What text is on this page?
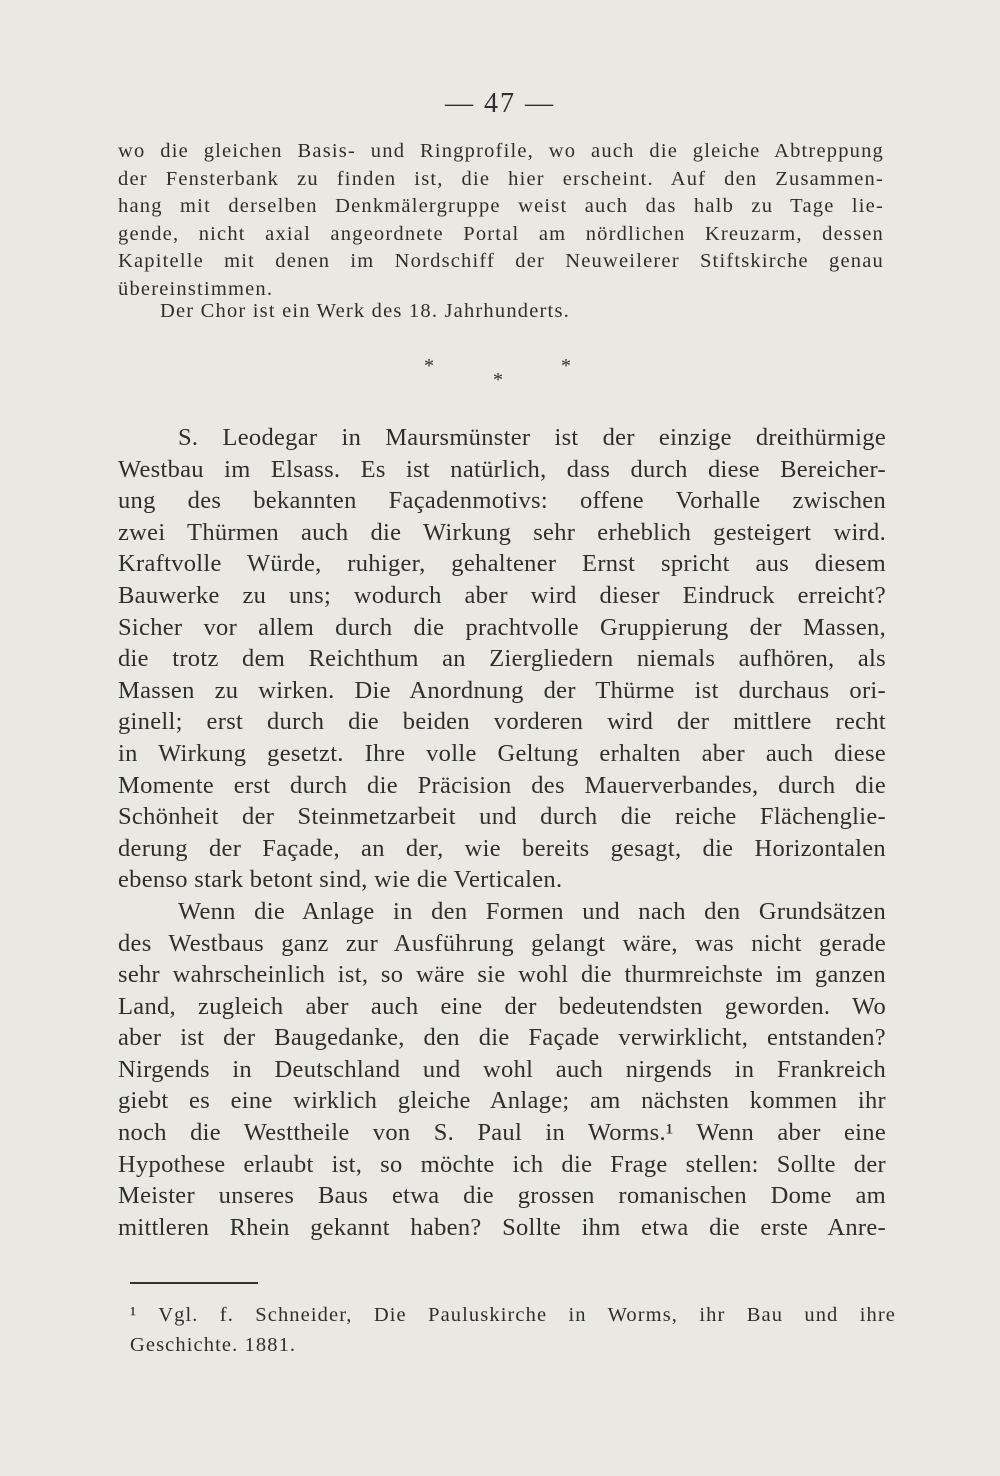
— 47 —
wo die gleichen Basis- und Ringprofile, wo auch die gleiche Abtreppung
der Fensterbank zu finden ist, die hier erscheint. Auf den Zusammen-
hang mit derselben Denkmälergruppe weist auch das halb zu Tage lie-
gende, nicht axial angeordnete Portal am nördlichen Kreuzarm, dessen
Kapitelle mit denen im Nordschiff der Neuweilerer Stiftskirche genau
übereinstimmen.
Der Chor ist ein Werk des 18. Jahrhunderts.
*
*
*
S. Leodegar in Maursmünster ist der einzige dreithürmige
Westbau im Elsass. Es ist natürlich, dass durch diese Bereicher-
ung des bekannten Façadenmotivs: offene Vorhalle zwischen
zwei Thürmen auch die Wirkung sehr erheblich gesteigert wird.
Kraftvolle Würde, ruhiger, gehaltener Ernst spricht aus diesem
Bauwerke zu uns; wodurch aber wird dieser Eindruck erreicht?
Sicher vor allem durch die prachtvolle Gruppierung der Massen,
die trotz dem Reichthum an Ziergliedern niemals aufhören, als
Massen zu wirken. Die Anordnung der Thürme ist durchaus ori-
ginell; erst durch die beiden vorderen wird der mittlere recht
in Wirkung gesetzt. Ihre volle Geltung erhalten aber auch diese
Momente erst durch die Präcision des Mauerverbandes, durch die
Schönheit der Steinmetzarbeit und durch die reiche Flächenglie-
derung der Façade, an der, wie bereits gesagt, die Horizontalen
ebenso stark betont sind, wie die Verticalen.
Wenn die Anlage in den Formen und nach den Grundsätzen
des Westbaus ganz zur Ausführung gelangt wäre, was nicht gerade
sehr wahrscheinlich ist, so wäre sie wohl die thurmreichste im ganzen
Land, zugleich aber auch eine der bedeutendsten geworden. Wo
aber ist der Baugedanke, den die Façade verwirklicht, entstanden?
Nirgends in Deutschland und wohl auch nirgends in Frankreich
giebt es eine wirklich gleiche Anlage; am nächsten kommen ihr
noch die Westtheile von S. Paul in Worms.¹ Wenn aber eine
Hypothese erlaubt ist, so möchte ich die Frage stellen: Sollte der
Meister unseres Baus etwa die grossen romanischen Dome am
mittleren Rhein gekannt haben? Sollte ihm etwa die erste Anre-
¹ Vgl. f. Schneider, Die Pauluskirche in Worms, ihr Bau und ihre
Geschichte. 1881.
